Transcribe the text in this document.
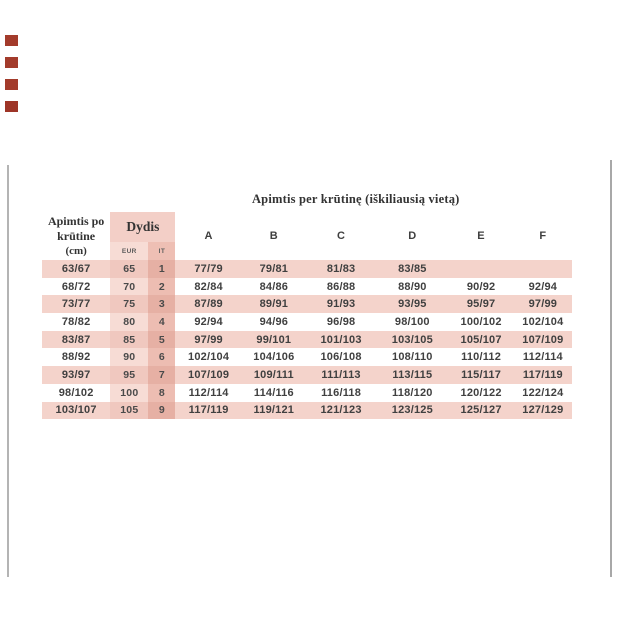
			Apimtis per krūtinę (iškiliausią vietą)					
Apimtis po krūtine
(cm)	Dydis		A	B	C	D	E	F
	EUR	IT						
63/67	65	1	77/79	79/81	81/83	83/85		
68/72	70	2	82/84	84/86	86/88	88/90	90/92	92/94
73/77	75	3	87/89	89/91	91/93	93/95	95/97	97/99
78/82	80	4	92/94	94/96	96/98	98/100	100/102	102/104
83/87	85	5	97/99	99/101	101/103	103/105	105/107	107/109
88/92	90	6	102/104	104/106	106/108	108/110	110/112	112/114
93/97	95	7	107/109	109/111	111/113	113/115	115/117	117/119
98/102	100	8	112/114	114/116	116/118	118/120	120/122	122/124
103/107	105	9	117/119	119/121	121/123	123/125	125/127	127/129
